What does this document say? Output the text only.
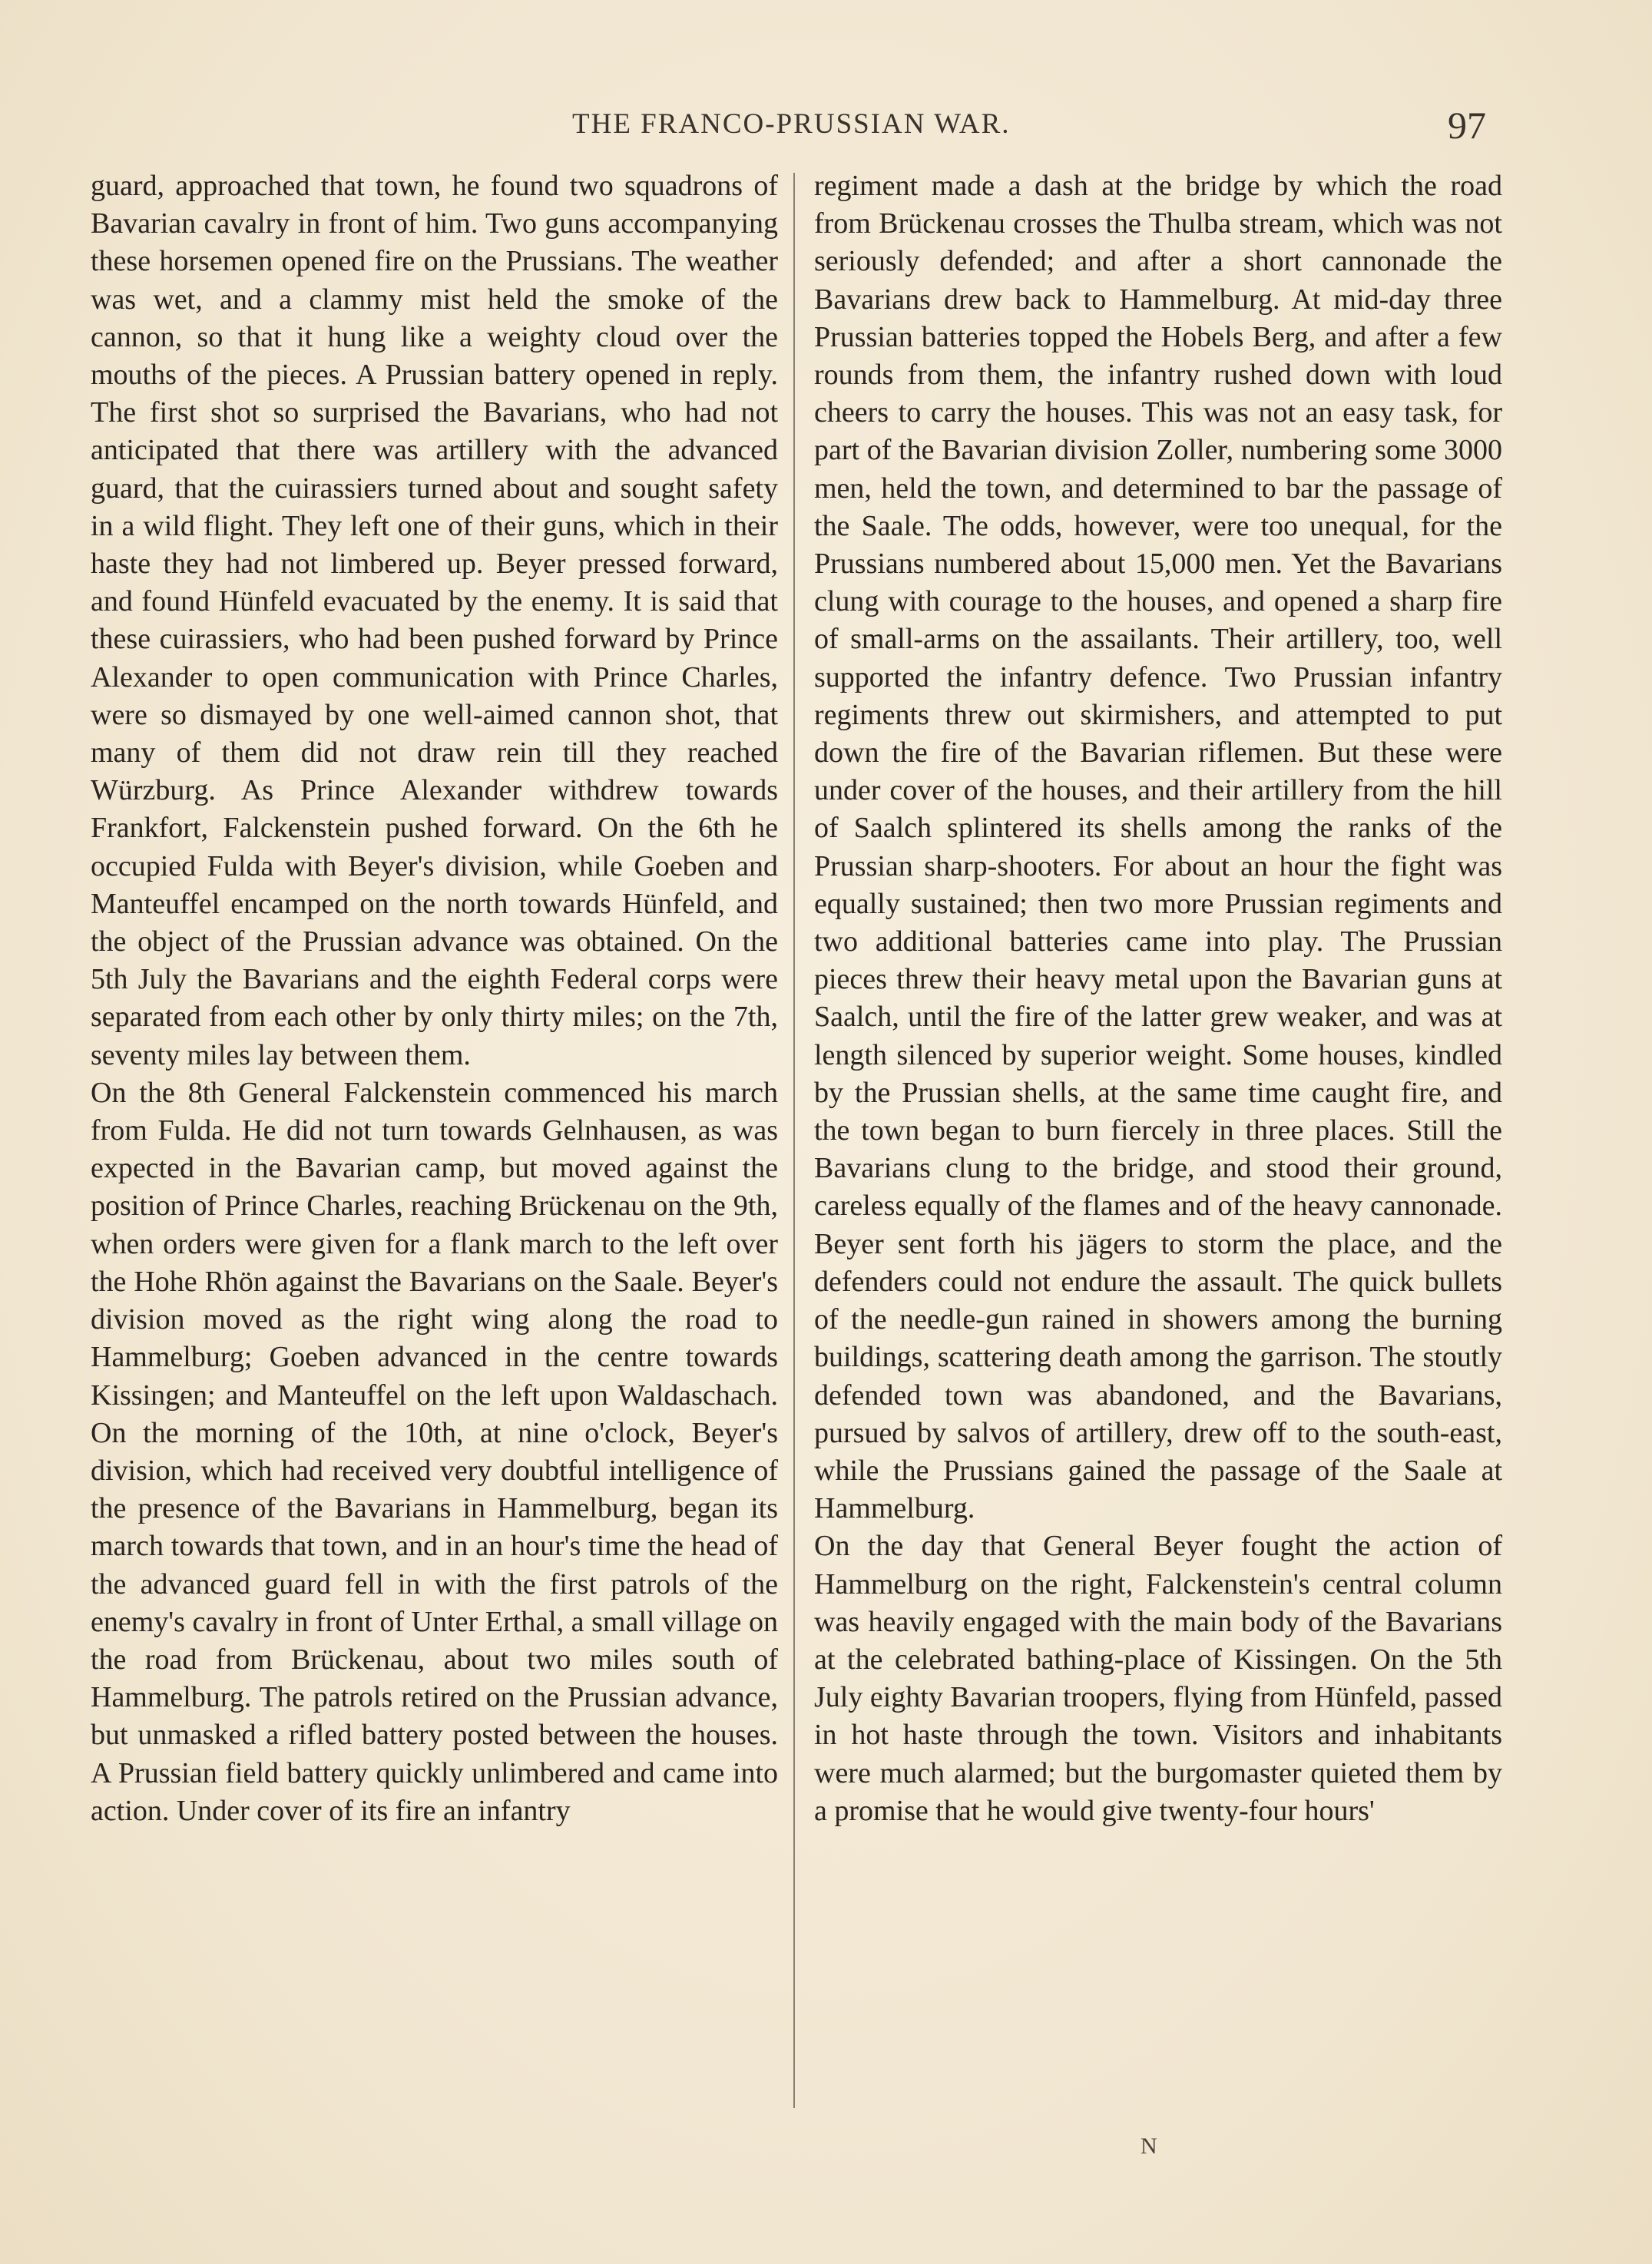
THE FRANCO-PRUSSIAN WAR.	97

guard, approached that town, he found two squadrons of Bavarian cavalry in front of him. Two guns accompanying these horsemen opened fire on the Prussians. The weather was wet, and a clammy mist held the smoke of the cannon, so that it hung like a weighty cloud over the mouths of the pieces. A Prussian battery opened in reply. The first shot so surprised the Bavarians, who had not anticipated that there was artillery with the advanced guard, that the cuirassiers turned about and sought safety in a wild flight. They left one of their guns, which in their haste they had not limbered up. Beyer pressed forward, and found Hünfeld evacuated by the enemy. It is said that these cuirassiers, who had been pushed forward by Prince Alexander to open communication with Prince Charles, were so dismayed by one well-aimed cannon shot, that many of them did not draw rein till they reached Würzburg. As Prince Alexander withdrew towards Frankfort, Falckenstein pushed forward. On the 6th he occupied Fulda with Beyer's division, while Goeben and Manteuffel encamped on the north towards Hünfeld, and the object of the Prussian advance was obtained. On the 5th July the Bavarians and the eighth Federal corps were separated from each other by only thirty miles; on the 7th, seventy miles lay between them.

On the 8th General Falckenstein commenced his march from Fulda. He did not turn towards Gelnhausen, as was expected in the Bavarian camp, but moved against the position of Prince Charles, reaching Brückenau on the 9th, when orders were given for a flank march to the left over the Hohe Rhön against the Bavarians on the Saale. Beyer's division moved as the right wing along the road to Hammelburg; Goeben advanced in the centre towards Kissingen; and Manteuffel on the left upon Waldaschach. On the morning of the 10th, at nine o'clock, Beyer's division, which had received very doubtful intelligence of the presence of the Bavarians in Hammelburg, began its march towards that town, and in an hour's time the head of the advanced guard fell in with the first patrols of the enemy's cavalry in front of Unter Erthal, a small village on the road from Brückenau, about two miles south of Hammelburg. The patrols retired on the Prussian advance, but unmasked a rifled battery posted between the houses. A Prussian field battery quickly unlimbered and came into action. Under cover of its fire an infantry

regiment made a dash at the bridge by which the road from Brückenau crosses the Thulba stream, which was not seriously defended; and after a short cannonade the Bavarians drew back to Hammelburg. At mid-day three Prussian batteries topped the Hobels Berg, and after a few rounds from them, the infantry rushed down with loud cheers to carry the houses. This was not an easy task, for part of the Bavarian division Zoller, numbering some 3000 men, held the town, and determined to bar the passage of the Saale. The odds, however, were too unequal, for the Prussians numbered about 15,000 men. Yet the Bavarians clung with courage to the houses, and opened a sharp fire of small-arms on the assailants. Their artillery, too, well supported the infantry defence. Two Prussian infantry regiments threw out skirmishers, and attempted to put down the fire of the Bavarian riflemen. But these were under cover of the houses, and their artillery from the hill of Saalch splintered its shells among the ranks of the Prussian sharp-shooters. For about an hour the fight was equally sustained; then two more Prussian regiments and two additional batteries came into play. The Prussian pieces threw their heavy metal upon the Bavarian guns at Saalch, until the fire of the latter grew weaker, and was at length silenced by superior weight. Some houses, kindled by the Prussian shells, at the same time caught fire, and the town began to burn fiercely in three places. Still the Bavarians clung to the bridge, and stood their ground, careless equally of the flames and of the heavy cannonade. Beyer sent forth his jägers to storm the place, and the defenders could not endure the assault. The quick bullets of the needle-gun rained in showers among the burning buildings, scattering death among the garrison. The stoutly defended town was abandoned, and the Bavarians, pursued by salvos of artillery, drew off to the south-east, while the Prussians gained the passage of the Saale at Hammelburg.

On the day that General Beyer fought the action of Hammelburg on the right, Falckenstein's central column was heavily engaged with the main body of the Bavarians at the celebrated bathing-place of Kissingen. On the 5th July eighty Bavarian troopers, flying from Hünfeld, passed in hot haste through the town. Visitors and inhabitants were much alarmed; but the burgomaster quieted them by a promise that he would give twenty-four hours'

N
